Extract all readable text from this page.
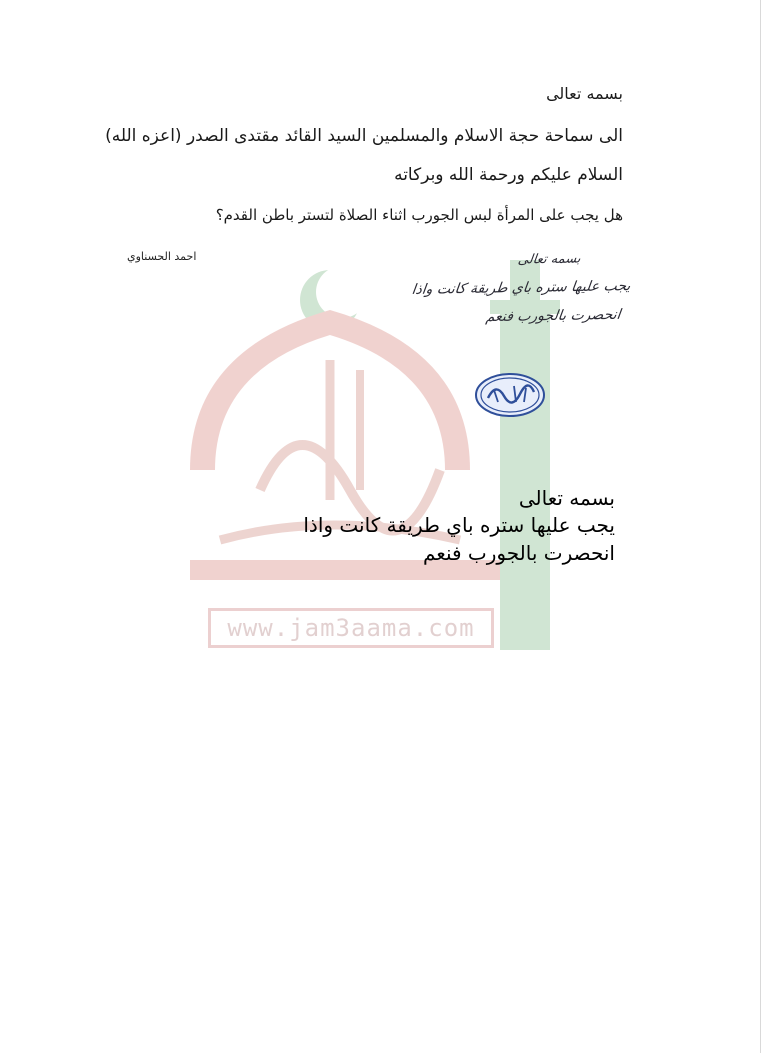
www.jam3aama.com
بسمه تعالى
الى سماحة حجة الاسلام والمسلمين السيد القائد مقتدى الصدر (اعزه الله)
السلام عليكم ورحمة الله وبركاته
هل يجب على المرأة لبس الجورب اثناء الصلاة لتستر باطن القدم؟
احمد الحسناوي	بسمه تعالى
يجب عليها ستره باي طريقة كانت واذا
انحصرت بالجورب فنعم
بسمه تعالى
يجب عليها ستره باي طريقة كانت واذا
انحصرت بالجورب فنعم
